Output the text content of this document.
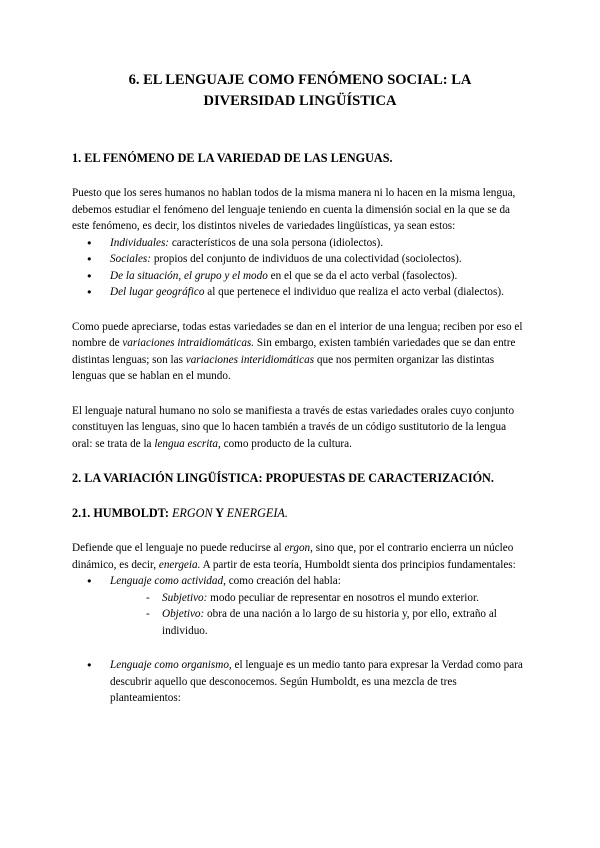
6. EL LENGUAJE COMO FENÓMENO SOCIAL: LA DIVERSIDAD LINGÜÍSTICA
1. EL FENÓMENO DE LA VARIEDAD DE LAS LENGUAS.

Puesto que los seres humanos no hablan todos de la misma manera ni lo hacen en la misma lengua, debemos estudiar el fenómeno del lenguaje teniendo en cuenta la dimensión social en la que se da este fenómeno, es decir, los distintos niveles de variedades lingüísticas, ya sean estos:

● Individuales: característicos de una sola persona (idiolectos).
● Sociales: propios del conjunto de individuos de una colectividad (sociolectos).
● De la situación, el grupo y el modo en el que se da el acto verbal (fasolectos).
● Del lugar geográfico al que pertenece el individuo que realiza el acto verbal (dialectos).

Como puede apreciarse, todas estas variedades se dan en el interior de una lengua; reciben por eso el nombre de variaciones intraidiomáticas. Sin embargo, existen también variedades que se dan entre distintas lenguas; son las variaciones interidiomáticas que nos permiten organizar las distintas lenguas que se hablan en el mundo.

El lenguaje natural humano no solo se manifiesta a través de estas variedades orales cuyo conjunto constituyen las lenguas, sino que lo hacen también a través de un código sustitutorio de la lengua oral: se trata de la lengua escrita, como producto de la cultura.

2. LA VARIACIÓN LINGÜÍSTICA: PROPUESTAS DE CARACTERIZACIÓN.
2.1. HUMBOLDT: ERGON Y ENERGEIA.

Defiende que el lenguaje no puede reducirse al ergon, sino que, por el contrario encierra un núcleo dinámico, es decir, energeia. A partir de esta teoría, Humboldt sienta dos principios fundamentales:

● Lenguaje como actividad, como creación del habla:
- Subjetivo: modo peculiar de representar en nosotros el mundo exterior.
- Objetivo: obra de una nación a lo largo de su historia y, por ello, extraño al individuo.
● Lenguaje como organismo, el lenguaje es un medio tanto para expresar la Verdad como para descubrir aquello que desconocemos. Según Humboldt, es una mezcla de tres planteamientos:
